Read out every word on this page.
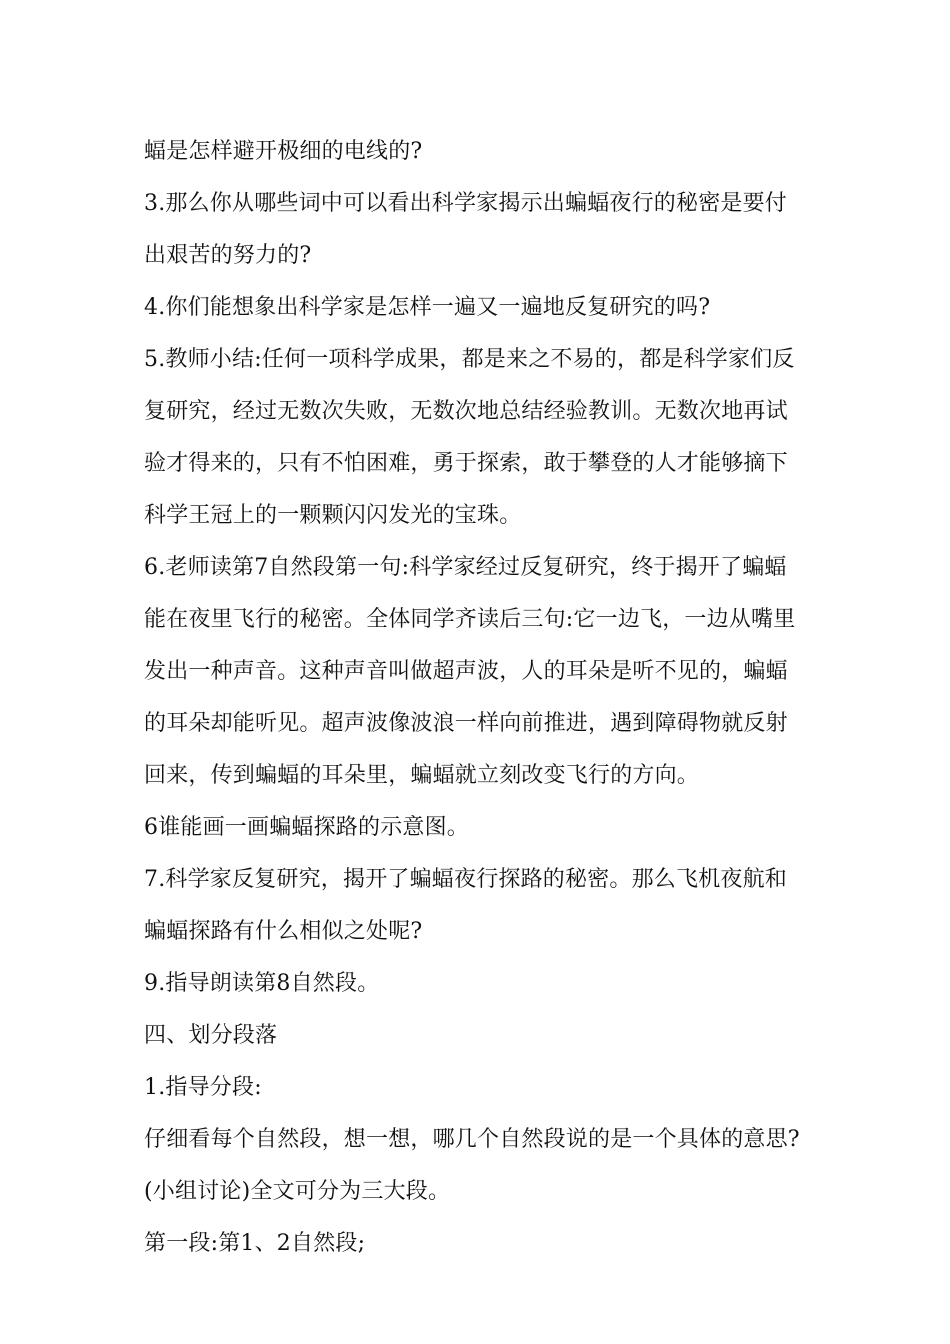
蝠是怎样避开极细的电线的?
3.那么你从哪些词中可以看出科学家揭示出蝙蝠夜行的秘密是要付
出艰苦的努力的?
4.你们能想象出科学家是怎样一遍又一遍地反复研究的吗?
5.教师小结:任何一项科学成果，都是来之不易的，都是科学家们反
复研究，经过无数次失败，无数次地总结经验教训。无数次地再试
验才得来的，只有不怕困难，勇于探索，敢于攀登的人才能够摘下
科学王冠上的一颗颗闪闪发光的宝珠。
6.老师读第7自然段第一句:科学家经过反复研究，终于揭开了蝙蝠
能在夜里飞行的秘密。全体同学齐读后三句:它一边飞，一边从嘴里
发出一种声音。这种声音叫做超声波，人的耳朵是听不见的，蝙蝠
的耳朵却能听见。超声波像波浪一样向前推进，遇到障碍物就反射
回来，传到蝙蝠的耳朵里，蝙蝠就立刻改变飞行的方向。
6谁能画一画蝙蝠探路的示意图。
7.科学家反复研究，揭开了蝙蝠夜行探路的秘密。那么飞机夜航和
蝙蝠探路有什么相似之处呢?
9.指导朗读第8自然段。
四、划分段落
1.指导分段:
仔细看每个自然段，想一想，哪几个自然段说的是一个具体的意思?
(小组讨论)全文可分为三大段。
第一段:第1、2自然段;
